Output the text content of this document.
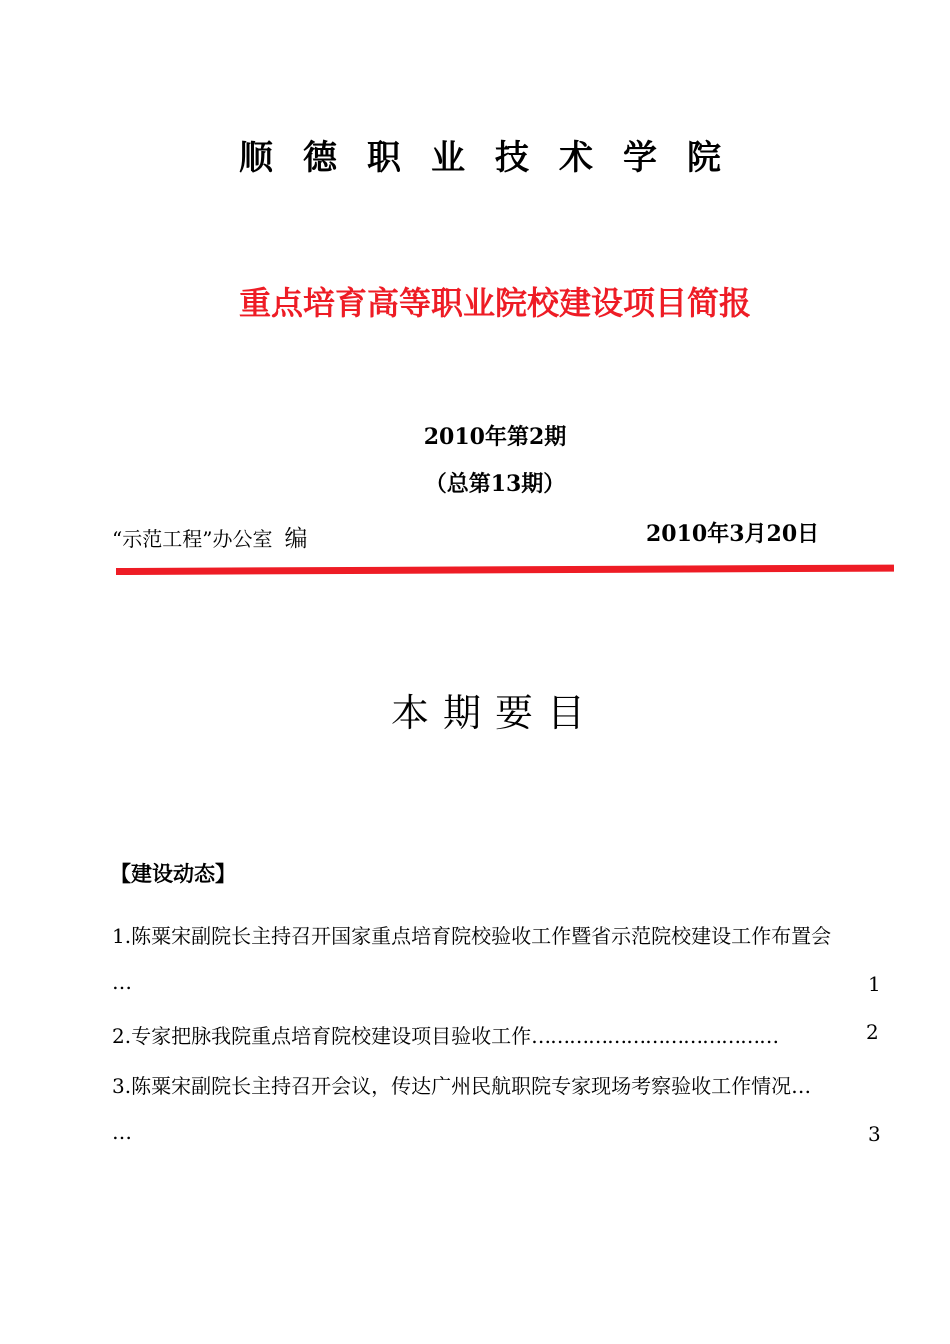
顺德职业技术学院
重点培育高等职业院校建设项目简报
2010年第2期
（总第13期）
“示范工程”办公室 编	2010年3月20日
本期要目
【建设动态】
1.陈粟宋副院长主持召开国家重点培育院校验收工作暨省示范院校建设工作布置会
…	1
2.专家把脉我院重点培育院校建设项目验收工作…………………………………	2
3.陈粟宋副院长主持召开会议，传达广州民航职院专家现场考察验收工作情况…
…	3
